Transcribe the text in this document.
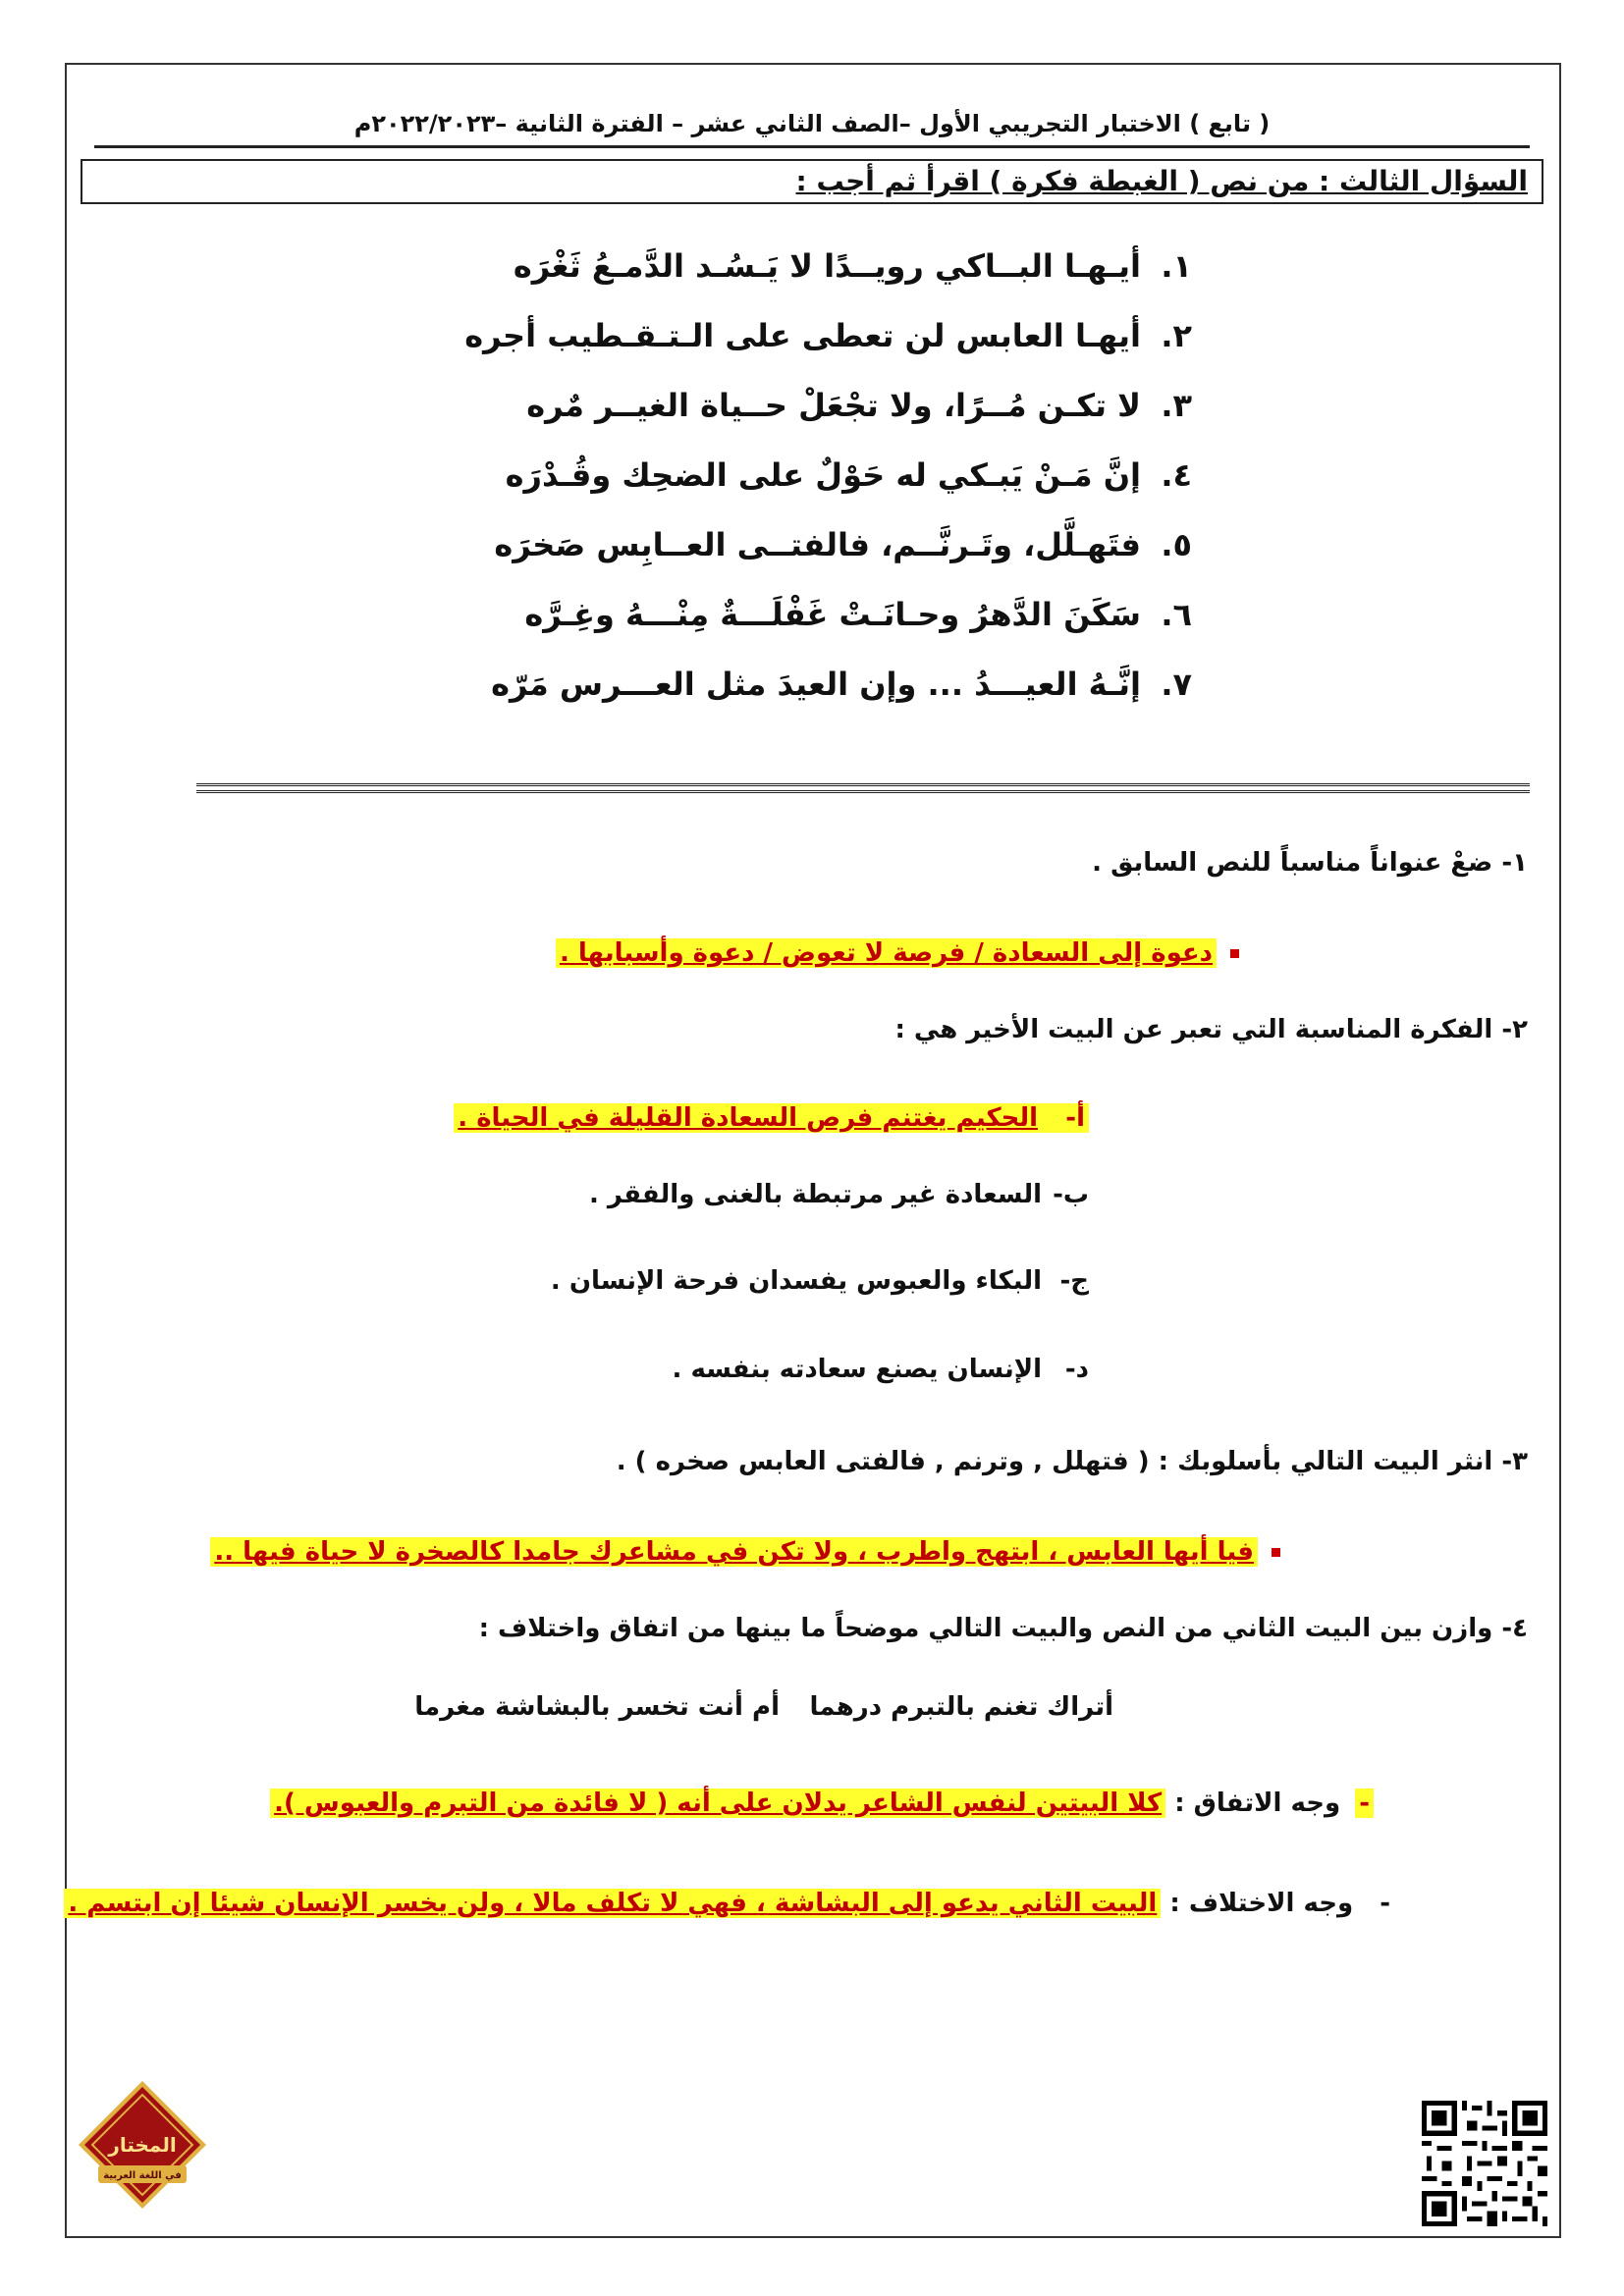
( تابع ) الاختبار التجريبي الأول –الصف الثاني عشر – الفترة الثانية –٢٠٢٢/٢٠٢٣م
السؤال الثالث : من نص ( الغبطة فكرة ) اقرأ ثم أجب :
١.أيـهـا البــاكي رويــدًا لا يَـسُـد الدَّمـعُ ثَغْرَه
٢.أيهـا العابس لن تعطى على الـتـقـطيب أجره
٣.لا تكـن مُــرًا، ولا تجْعَلْ حــياة الغيــر مٌره
٤.إنَّ مَـنْ يَبـكي له حَوْلٌ على الضحِك وقُـدْرَه
٥.فتَهـلَّل، وتَـرنَّــم، فالفتــى العــابِس صَخرَه
٦.سَكَنَ الدَّهرُ وحـانَـتْ غَفْلَـــةٌ مِنْـــهُ وغِـرَّه
٧.إنَّـهُ العيـــدُ ... وإن العيدَ مثل العـــرس مَرّه
١- ضعْ عنواناً مناسباً للنص السابق .
دعوة إلى السعادة / فرصة لا تعوض / دعوة وأسبابها .
٢- الفكرة المناسبة التي تعبر عن البيت الأخير هي :
أ-الحكيم يغتنم فرص السعادة القليلة في الحياة .
ب-السعادة غير مرتبطة بالغنى والفقر .
ج-البكاء والعبوس يفسدان فرحة الإنسان .
د-الإنسان يصنع سعادته بنفسه .
٣- انثر البيت التالي بأسلوبك : ( فتهلل , وترنم , فالفتى العابس صخره ) .
فيا أيها العابس ، ابتهج واطرب ، ولا تكن في مشاعرك جامدا كالصخرة لا حياة فيها ..
٤- وازن بين البيت الثاني من النص والبيت التالي موضحاً ما بينها من اتفاق واختلاف :
أتراك تغنم بالتبرم درهما
أم أنت تخسر بالبشاشة مغرما
- وجه الاتفاق : كلا البيتين لنفس الشاعر يدلان على أنه ( لا فائدة من التبرم والعبوس ).
- وجه الاختلاف : البيت الثاني يدعو إلى البشاشة ، فهي لا تكلف مالا ، ولن يخسر الإنسان شيئا إن ابتسم .
المختار
في اللغة العربية
